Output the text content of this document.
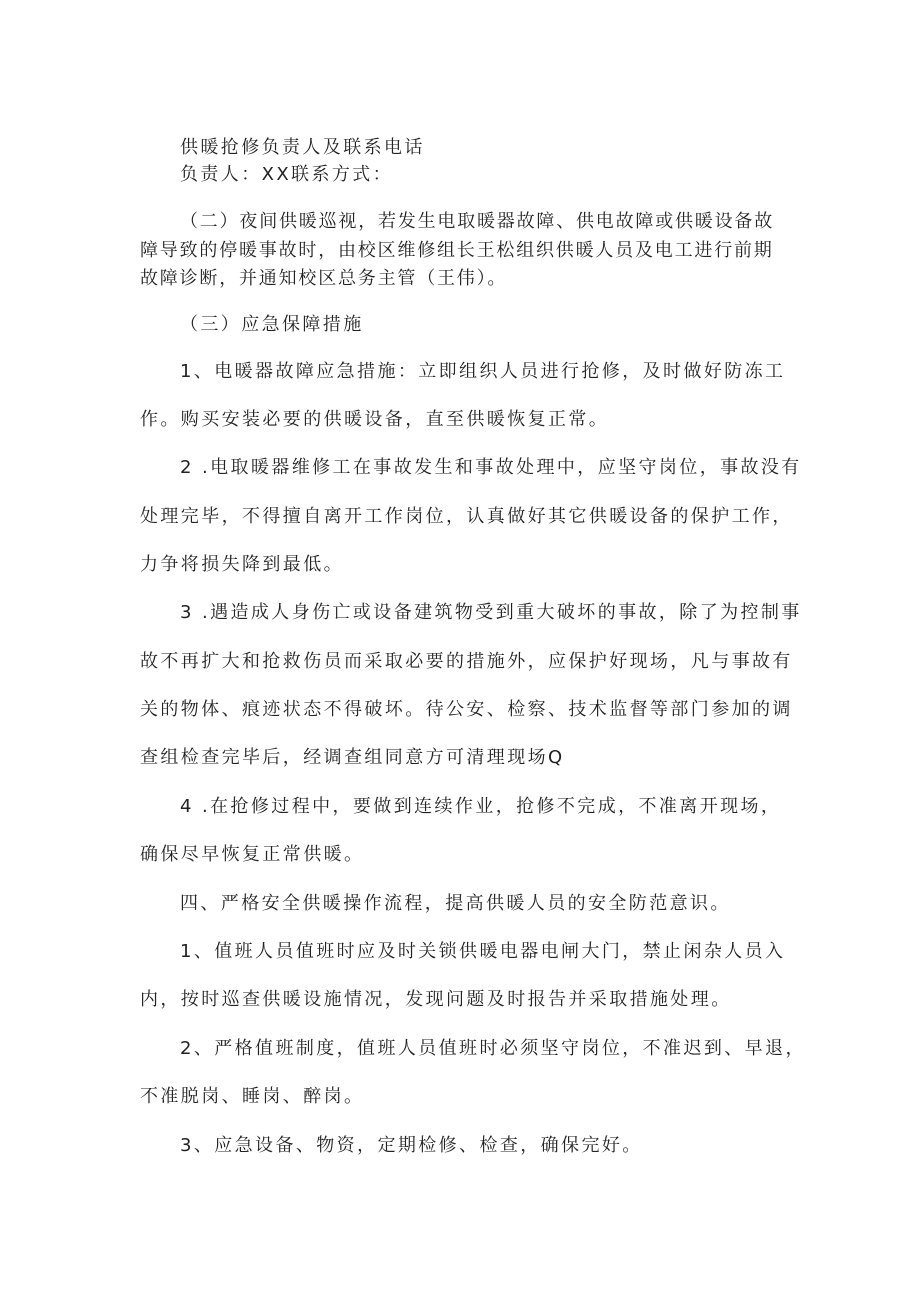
供暖抢修负责人及联系电话
负责人：XX联系方式：
（二）夜间供暖巡视，若发生电取暖器故障、供电故障或供暖设备故
障导致的停暖事故时，由校区维修组长王松组织供暖人员及电工进行前期
故障诊断，并通知校区总务主管（王伟）。
（三）应急保障措施
1、电暖器故障应急措施：立即组织人员进行抢修，及时做好防冻工
作。购买安装必要的供暖设备，直至供暖恢复正常。
2 .电取暖器维修工在事故发生和事故处理中，应坚守岗位，事故没有
处理完毕，不得擅自离开工作岗位，认真做好其它供暖设备的保护工作，
力争将损失降到最低。
3 .遇造成人身伤亡或设备建筑物受到重大破坏的事故，除了为控制事
故不再扩大和抢救伤员而采取必要的措施外，应保护好现场，凡与事故有
关的物体、痕迹状态不得破坏。待公安、检察、技术监督等部门参加的调
查组检查完毕后，经调查组同意方可清理现场Q
4 .在抢修过程中，要做到连续作业，抢修不完成，不准离开现场，
确保尽早恢复正常供暖。
四、严格安全供暖操作流程，提高供暖人员的安全防范意识。
1、值班人员值班时应及时关锁供暖电器电闸大门，禁止闲杂人员入
内，按时巡查供暖设施情况，发现问题及时报告并采取措施处理。
2、严格值班制度，值班人员值班时必须坚守岗位，不准迟到、早退，
不准脱岗、睡岗、醉岗。
3、应急设备、物资，定期检修、检查，确保完好。
